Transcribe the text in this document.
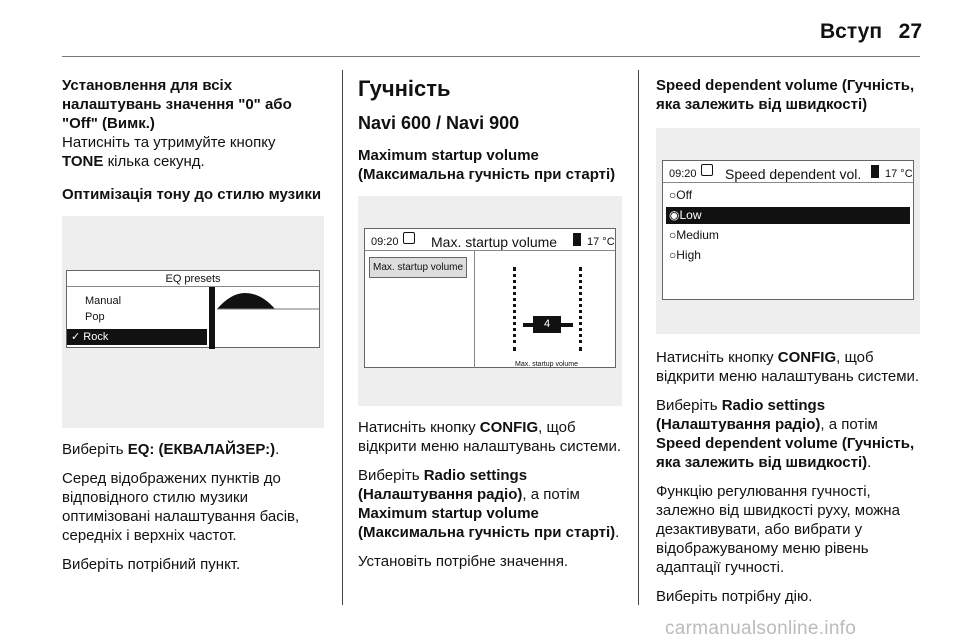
Вступ 27

Установлення для всіх налаштувань значення "0" або "Off" (Вимк.)

Натисніть та утримуйте кнопку
TONE кілька секунд.

Оптимізація тону до стилю музики

EQ presets
Manual
Pop
✓ Rock

Виберіть EQ: (ЕКВАЛАЙЗЕР:).

Серед відображених пунктів до відповідного стилю музики оптимізовані налаштування басів, середніх і верхніх частот.

Виберіть потрібний пункт.

Гучність

Navi 600 / Navi 900

Maximum startup volume (Максимальна гучність при старті)

09:20 Max. startup volume	17 °C
Max. startup volume
4
Max. startup volume

Натисніть кнопку CONFIG, щоб відкрити меню налаштувань системи.

Виберіть Radio settings (Налаштування радіо), а потім Maximum startup volume (Максимальна гучність при старті).

Установіть потрібне значення.

Speed dependent volume (Гучність, яка залежить від швидкості)

09:20 Speed dependent vol. 17 °C
○Off
◉Low
○Medium
○High

Натисніть кнопку CONFIG, щоб відкрити меню налаштувань системи.

Виберіть Radio settings (Налаштування радіо), а потім Speed dependent volume (Гучність, яка залежить від швидкості).

Функцію регулювання гучності, залежно від швидкості руху, можна дезактивувати, або вибрати у відображуваному меню рівень адаптації гучності.

Виберіть потрібну дію.

carmanualsonline.info
